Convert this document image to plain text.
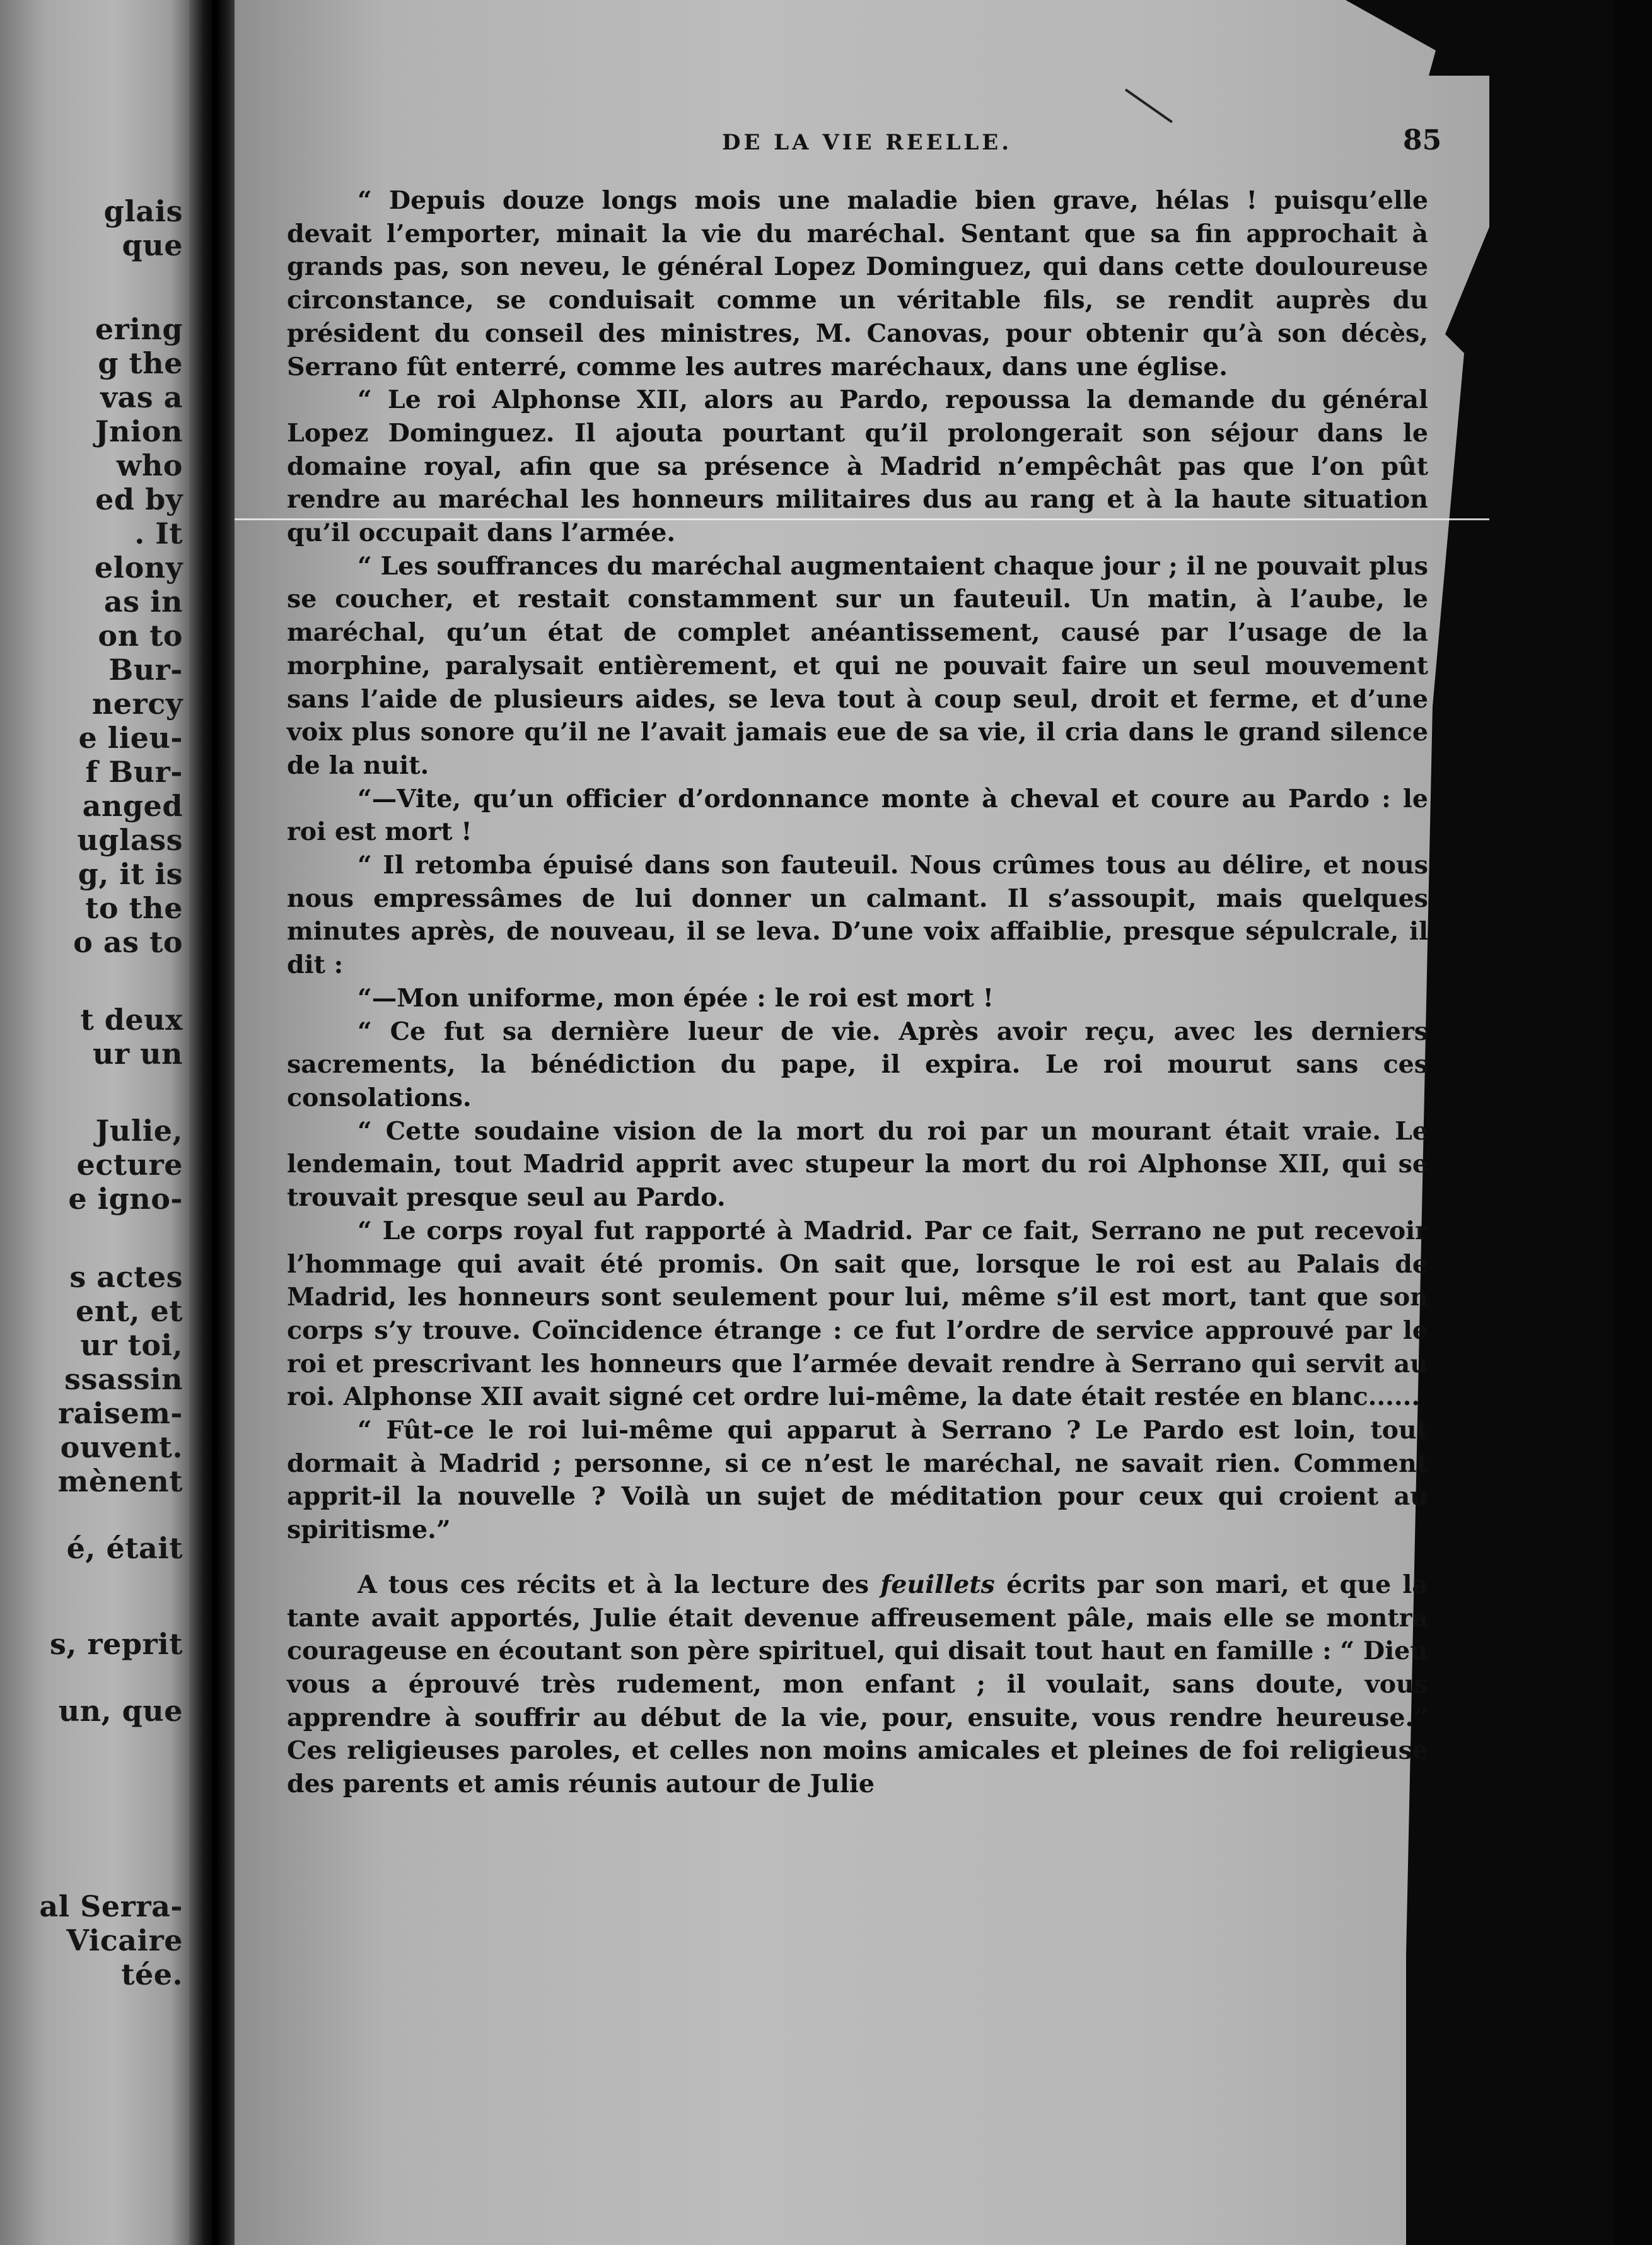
glais

que

ering

g the

vas a

Jnion

who

ed by

. It

elony

as in

on to

Bur-

nercy

e lieu-

f Bur-

anged

uglass

g, it is

to the

o as to

t deux

ur un

Julie,

ecture

e igno-

s actes

ent, et

ur toi,

ssassin

raisem-

ouvent.

mènent

é, était

s, reprit

un, que

al Serra-

Vicaire

tée.

DE LA VIE REELLE.	85

“ Depuis douze longs mois une maladie bien grave, hélas ! puisqu’elle devait l’emporter, minait la vie du maréchal. Sentant que sa fin approchait à grands pas, son neveu, le général Lopez Dominguez, qui dans cette douloureuse circonstance, se conduisait comme un véritable fils, se rendit auprès du président du conseil des ministres, M. Canovas, pour obtenir qu’à son décès, Serrano fût enterré, comme les autres maréchaux, dans une église.

“ Le roi Alphonse XII, alors au Pardo, repoussa la demande du général Lopez Dominguez. Il ajouta pourtant qu’il prolongerait son séjour dans le domaine royal, afin que sa présence à Madrid n’empêchât pas que l’on pût rendre au maréchal les honneurs militaires dus au rang et à la haute situation qu’il occupait dans l’armée.

“ Les souffrances du maréchal augmentaient chaque jour ; il ne pouvait plus se coucher, et restait constamment sur un fauteuil. Un matin, à l’aube, le maréchal, qu’un état de complet anéantissement, causé par l’usage de la morphine, paralysait entièrement, et qui ne pouvait faire un seul mouvement sans l’aide de plusieurs aides, se leva tout à coup seul, droit et ferme, et d’une voix plus sonore qu’il ne l’avait jamais eue de sa vie, il cria dans le grand silence de la nuit.

“—Vite, qu’un officier d’ordonnance monte à cheval et coure au Pardo : le roi est mort !

“ Il retomba épuisé dans son fauteuil. Nous crûmes tous au délire, et nous nous empressâmes de lui donner un calmant. Il s’assoupit, mais quelques minutes après, de nouveau, il se leva. D’une voix affaiblie, presque sépulcrale, il dit :

“—Mon uniforme, mon épée : le roi est mort !

“ Ce fut sa dernière lueur de vie. Après avoir reçu, avec les derniers sacrements, la bénédiction du pape, il expira. Le roi mourut sans ces consolations.

“ Cette soudaine vision de la mort du roi par un mourant était vraie. Le lendemain, tout Madrid apprit avec stupeur la mort du roi Alphonse XII, qui se trouvait presque seul au Pardo.

“ Le corps royal fut rapporté à Madrid. Par ce fait, Serrano ne put recevoir l’hommage qui avait été promis. On sait que, lorsque le roi est au Palais de Madrid, les honneurs sont seulement pour lui, même s’il est mort, tant que son corps s’y trouve. Coïncidence étrange : ce fut l’ordre de service approuvé par le roi et prescrivant les honneurs que l’armée devait rendre à Serrano qui servit au roi. Alphonse XII avait signé cet ordre lui-même, la date était restée en blanc......

“ Fût-ce le roi lui-même qui apparut à Serrano ? Le Pardo est loin, tout dormait à Madrid ; personne, si ce n’est le maréchal, ne savait rien. Comment apprit-il la nouvelle ? Voilà un sujet de méditation pour ceux qui croient au spiritisme.”

A tous ces récits et à la lecture des feuillets écrits par son mari, et que la tante avait apportés, Julie était devenue affreusement pâle, mais elle se montra courageuse en écoutant son père spirituel, qui disait tout haut en famille : “ Dieu vous a éprouvé très rudement, mon enfant ; il voulait, sans doute, vous apprendre à souffrir au début de la vie, pour, ensuite, vous rendre heureuse.” Ces religieuses paroles, et celles non moins amicales et pleines de foi religieuse des parents et amis réunis autour de Julie
